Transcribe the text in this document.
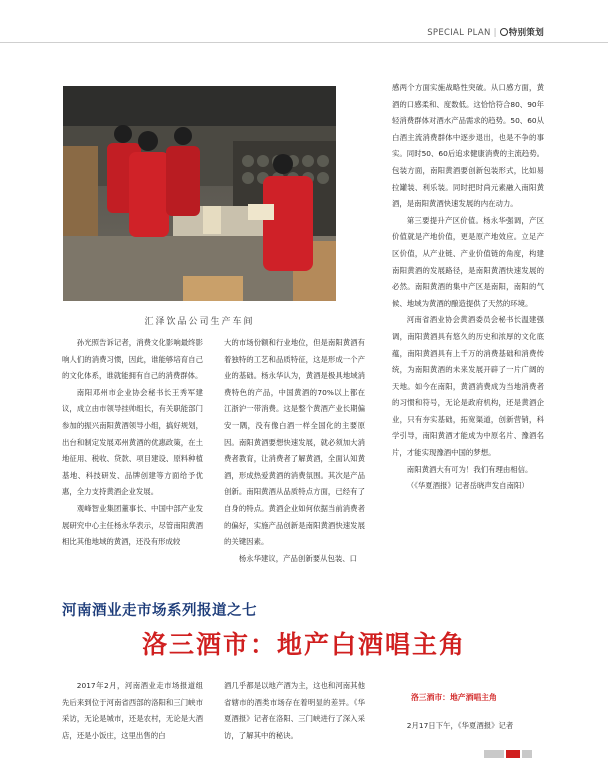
SPECIAL PLAN | 特别策划
汇泽饮品公司生产车间

孙光照告诉记者，消费文化影响最终影响人们的消费习惯，因此，谁能够培育自己的文化体系，谁就能拥有自己的消费群体。

南阳邓州市企业协会秘书长王秀军建议，成立由市领导挂帅组长，有关职能部门参加的振兴南阳黄酒领导小组，搞好规划，出台和制定发展邓州黄酒的优惠政策，在土地征用、税收、贷款、项目建设、原料种植基地、科技研发、品牌创建等方面给予优惠，全力支持黄酒企业发展。

观峰智业集团董事长、中国中部产业发展研究中心主任杨永华表示，尽管南阳黄酒相比其他地域的黄酒，还没有形成较

大的市场份额和行业地位，但是南阳黄酒有着独特的工艺和品质特征，这是形成一个产业的基础。杨永华认为，黄酒是极具地域消费特色的产品，中国黄酒的70%以上都在江浙沪一带消费。这是整个黄酒产业长期偏安一隅，没有像白酒一样全国化的主要原因。南阳黄酒要想快速发展，就必须加大消费者教育，让消费者了解黄酒，全面认知黄酒，形成热爱黄酒的消费氛围。其次是产品创新。南阳黄酒从品质特点方面，已经有了自身的特点。黄酒企业如何依据当前消费者的偏好，实施产品创新是南阳黄酒快速发展的关键因素。

杨永华建议，产品创新要从包装、口

感两个方面实施战略性突破。从口感方面，黄酒的口感柔和、度数低。这恰恰符合80、90年轻消费群体对酒水产品需求的趋势。50、60从白酒主流消费群体中逐步退出，也是不争的事实。同时50、60后追求健康消费的主流趋势。包装方面，南阳黄酒要创新包装形式，比如易拉罐装、利乐装。同时把时尚元素融入南阳黄酒，是南阳黄酒快速发展的内在动力。

第三要提升产区价值。杨永华强调，产区价值就是产地价值，更是原产地效应。立足产区价值，从产业链、产业价值链的角度，构建南阳黄酒的发展路径，是南阳黄酒快速发展的必然。南阳黄酒的集中产区是南阳，南阳的气候、地域为黄酒的酿造提供了天然的环境。

河南省酒业协会黄酒委员会秘书长温建强调，南阳黄酒具有悠久的历史和浓厚的文化底蕴，南阳黄酒具有上千万的消费基础和消费传统，为南阳黄酒的未来发展开辟了一片广阔的天地。如今在南阳，黄酒消费成为当地消费者的习惯和符号，无论是政府机构，还是黄酒企业，只有夯实基础，拓宽渠道，创新营销，科学引导，南阳黄酒才能成为中原名片、豫酒名片，才能实现豫酒中国的梦想。

南阳黄酒大有可为！我们有理由相信。

（《华夏酒报》记者岳晓声发自南阳）

河南酒业走市场系列报道之七
洛三酒市：地产白酒唱主角

2017年2月，河南酒业走市场报道组先后来到位于河南省西部的洛阳和三门峡市采访，无论是城市，还是农村，无论是大酒店，还是小饭庄，这里出售的白

酒几乎都是以地产酒为主，这也和河南其他省辖市的酒类市场存在着明显的差异。《华夏酒报》记者在洛阳、三门峡进行了深入采访，了解其中的秘诀。

洛三酒市：地产酒唱主角

2月17日下午，《华夏酒报》记者
